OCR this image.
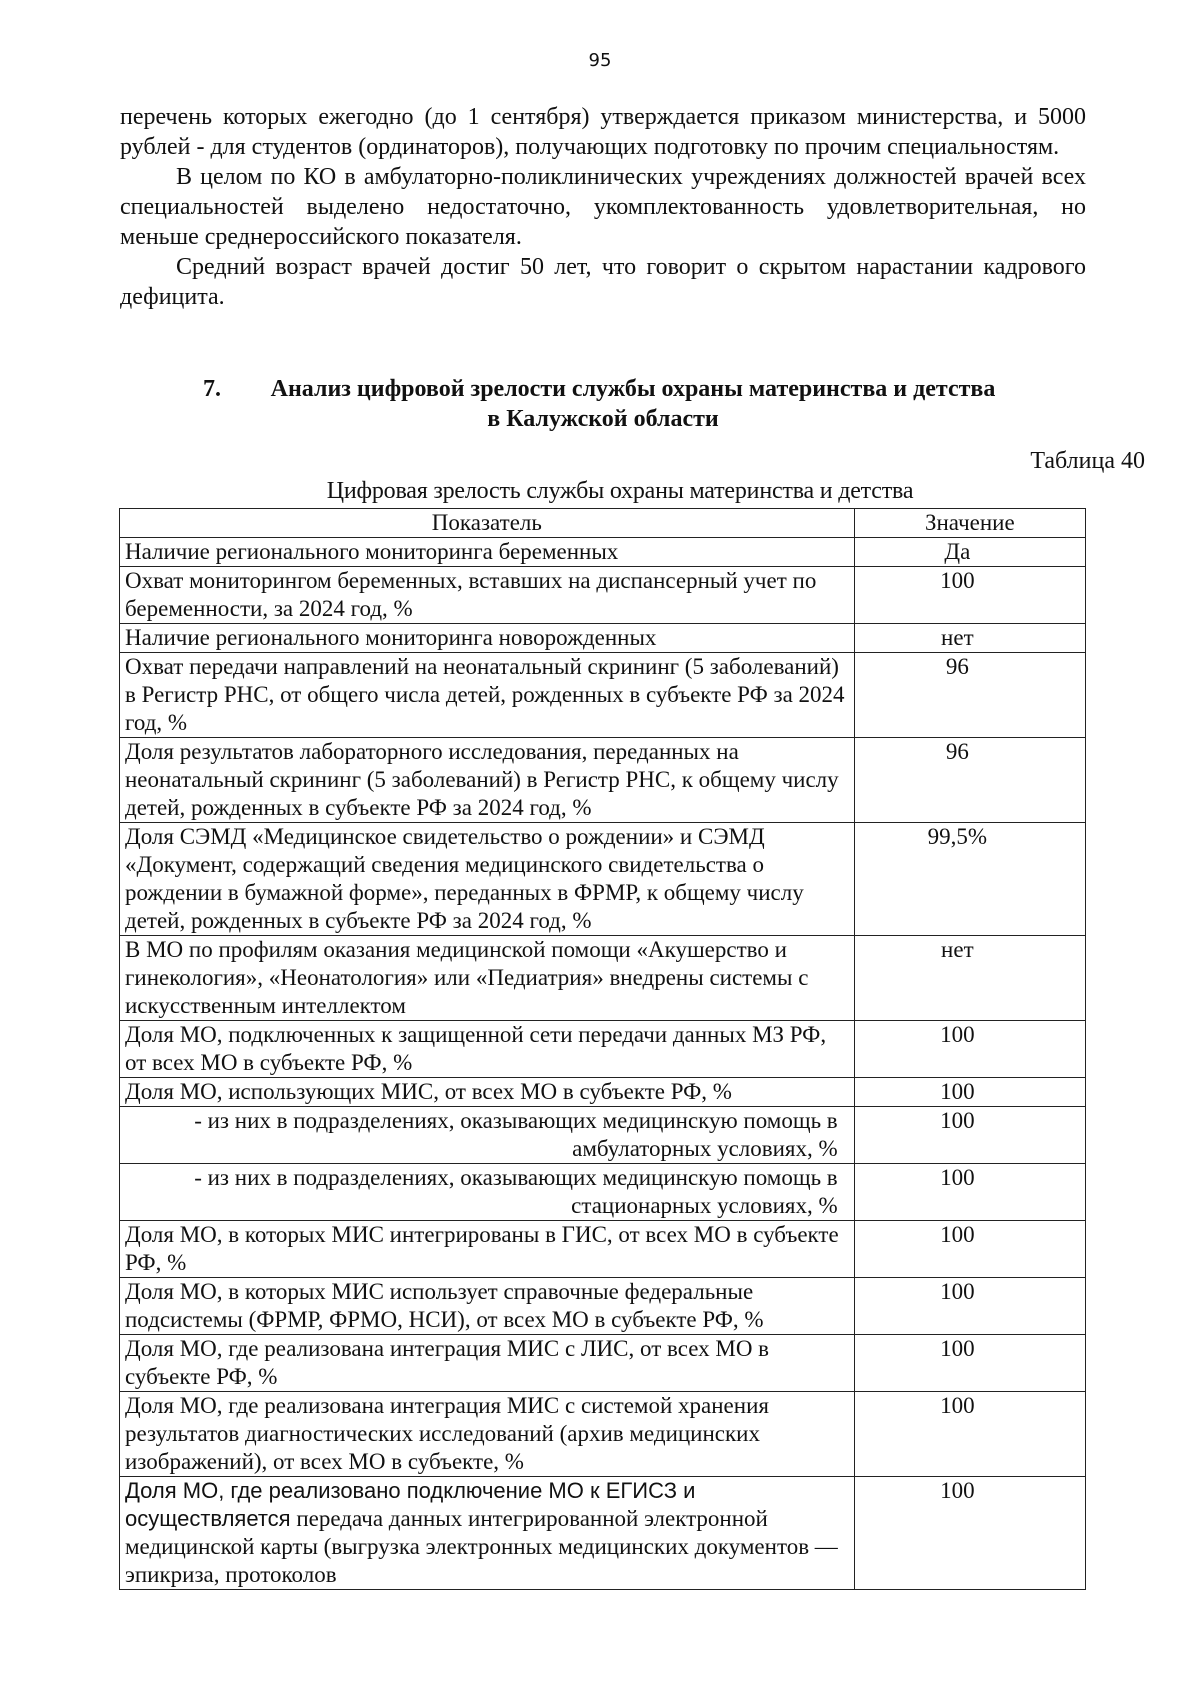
95

перечень которых ежегодно (до 1 сентября) утверждается приказом министерства, и 5000 рублей - для студентов (ординаторов), получающих подготовку по прочим специальностям.

В целом по КО в амбулаторно-поликлинических учреждениях должностей врачей всех специальностей выделено недостаточно, укомплектованность удовлетворительная, но меньше среднероссийского показателя.

Средний возраст врачей достиг 50 лет, что говорит о скрытом нарастании кадрового дефицита.

7.	Анализ цифровой зрелости службы охраны материнства и детства
в Калужской области
Таблица 40
Цифровая зрелость службы охраны материнства и детства
Показатель	Значение
Наличие регионального мониторинга беременных	Да
Охват мониторингом беременных, вставших на диспансерный учет по беременности, за 2024 год, %	100
Наличие регионального мониторинга новорожденных	нет
Охват передачи направлений на неонатальный скрининг (5 заболеваний) в Регистр РНС, от общего числа детей, рожденных в субъекте РФ за 2024 год, %	96
Доля результатов лабораторного исследования, переданных на неонатальный скрининг (5 заболеваний) в Регистр РНС, к общему числу детей, рожденных в субъекте РФ за 2024 год, %	96
Доля СЭМД «Медицинское свидетельство о рождении» и СЭМД «Документ, содержащий сведения медицинского свидетельства о рождении в бумажной форме», переданных в ФРМР, к общему числу детей, рожденных в субъекте РФ за 2024 год, %	99,5%
В МО по профилям оказания медицинской помощи «Акушерство и гинекология», «Неонатология» или «Педиатрия» внедрены системы с искусственным интеллектом	нет
Доля МО, подключенных к защищенной сети передачи данных МЗ РФ, от всех МО в субъекте РФ, %	100
Доля МО, использующих МИС, от всех МО в субъекте РФ, %	100
- из них в подразделениях, оказывающих медицинскую помощь в амбулаторных условиях, %	100
- из них в подразделениях, оказывающих медицинскую помощь в стационарных условиях, %	100
Доля МО, в которых МИС интегрированы в ГИС, от всех МО в субъекте РФ, %	100
Доля МО, в которых МИС использует справочные федеральные подсистемы (ФРМР, ФРМО, НСИ), от всех МО в субъекте РФ, %	100
Доля МО, где реализована интеграция МИС с ЛИС, от всех МО в субъекте РФ, %	100
Доля МО, где реализована интеграция МИС с системой хранения результатов диагностических исследований (архив медицинских изображений), от всех МО в субъекте, %	100
Доля МО, где реализовано подключение МО к ЕГИСЗ и осуществляется передача данных интегрированной электронной медицинской карты (выгрузка электронных медицинских документов — эпикриза, протоколов	100
